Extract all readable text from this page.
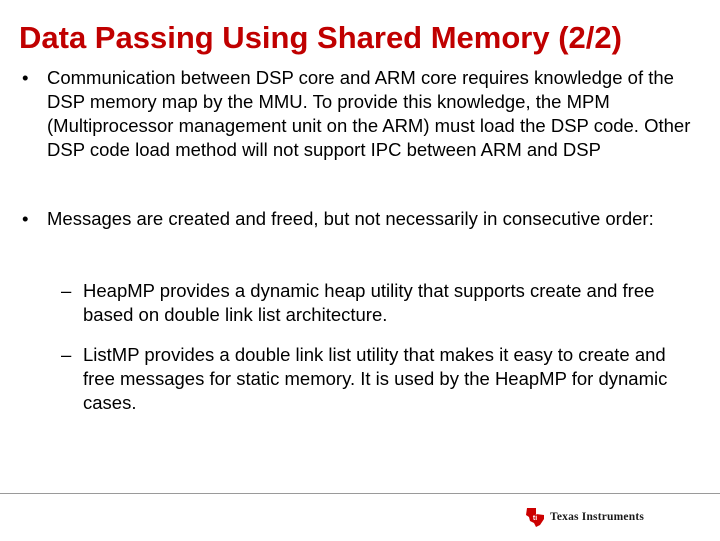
Data Passing Using Shared Memory (2/2)
• Communication between DSP core and ARM core requires knowledge of the DSP memory map by the MMU. To provide this knowledge, the MPM (Multiprocessor management unit on the ARM) must load the DSP code. Other DSP code load method will not support IPC between ARM and DSP
• Messages are created and freed, but not necessarily in consecutive order:
– HeapMP provides a dynamic heap utility that supports create and free based on double link list architecture.
– ListMP provides a double link list utility that makes it easy to create and free messages for static memory. It is used by the HeapMP for dynamic cases.
ti Texas Instruments
